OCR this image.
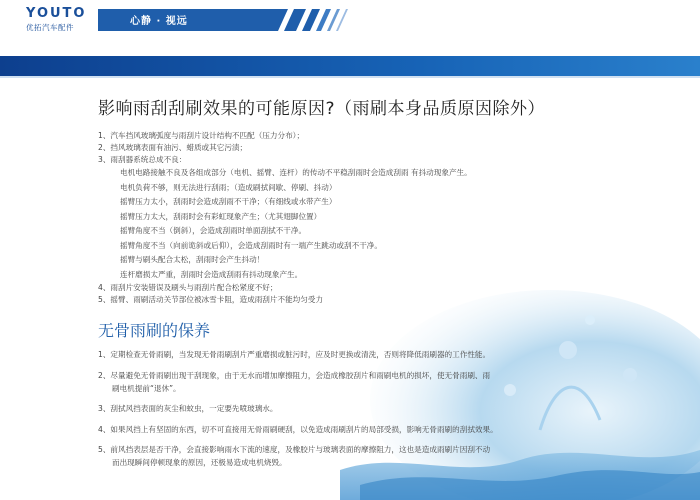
YOUTO
优拓汽车配件
心静 · 视远
影响雨刮刮刷效果的可能原因?（雨刷本身品质原因除外）
1、汽车挡风玻璃弧度与雨刮片设计结构不匹配（压力分布）；
2、挡风玻璃表面有油污、蜡质或其它污渍；
3、雨刮器系统总成不良：
电机电路接触不良及各组成部分（电机、摇臂、连杆）的传动不平稳刮雨时会造成刮雨 有抖动现象产生。
电机负荷不够，则无法进行刮雨；（造成刷拭间歇、停刷、抖动）
摇臂压力太小，刮雨时会造成刮雨不干净；（有细线或水带产生）
摇臂压力太大，刮雨时会有彩虹现象产生；（尤其翅脚位置）
摇臂角度不当（倒斜），会造成刮雨时单面刮拭不干净。
摇臂角度不当（向前诡斜或后仰），会造成刮雨时有一端产生跳动或刮不干净。
摇臂与刷头配合太松，刮雨时会产生抖动！
连杆磨损太严重，刮雨时会造成刮雨有抖动现象产生。
4、雨刮片安装错误及刷头与雨刮片配合松紧度不好；
5、摇臂、雨刷活动关节部位被冰雪卡阻，造成雨刮片不能均匀受力
无骨雨刷的保养
1、定期检查无骨雨刷，当发现无骨雨刷刮片严重磨损或脏污时，应及时更换或清洗，否则将降低雨刷器的工作性能。
2、尽量避免无骨雨刷出现干刮现象，由于无水而增加摩擦阻力，会造成橡胶刮片和雨刷电机的损坏，使无骨雨刷、雨
刷电机提前“退休”。
3、刮拭风挡表面的灰尘和蚊虫，一定要先喷玻璃水。
4、如果风挡上有坚固的东西，切不可直接用无骨雨刷硬刮，以免造成雨刷刮片的局部受损，影响无骨雨刷的刮拭效果。
5、前风挡表层是否干净，会直接影响雨水下流的速度，及橡胶片与玻璃表面的摩擦阻力，这也是造成雨刷片因刮不动
而出现瞬间停顿现象的原因，还极易造成电机烧毁。
